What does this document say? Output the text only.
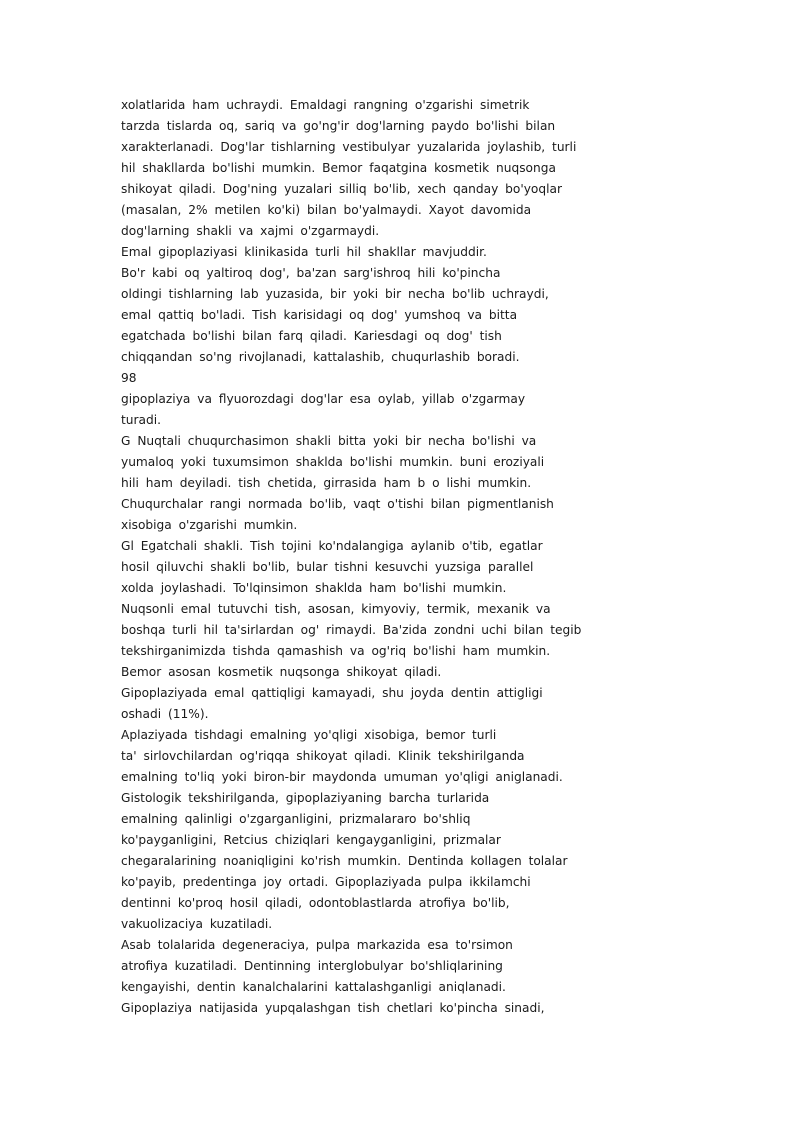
xolatlarida ham uchraydi. Emaldagi rangning o'zgarishi simetrik
tarzda tislarda oq, sariq va go'ng'ir dog'larning paydo bo'lishi bilan
xarakterlanadi. Dog'lar tishlarning vestibulyar yuzalarida joylashib, turli
hil shakllarda bo'lishi mumkin. Bemor faqatgina kosmetik nuqsonga
shikoyat qiladi. Dog'ning yuzalari silliq bo'lib, xech qanday bo'yoqlar
(masalan, 2% metilen ko'ki) bilan bo'yalmaydi. Xayot davomida
dog'larning shakli va xajmi o'zgarmaydi.
Emal gipoplaziyasi klinikasida turli hil shakllar mavjuddir.
Bo'r kabi oq yaltiroq dog', ba'zan sarg'ishroq hili ko'pincha
oldingi tishlarning lab yuzasida, bir yoki bir necha bo'lib uchraydi,
emal qattiq bo'ladi. Tish karisidagi oq dog' yumshoq va bitta
egatchada bo'lishi bilan farq qiladi. Kariesdagi oq dog' tish
chiqqandan so'ng rivojlanadi, kattalashib, chuqurlashib boradi.
98
gipoplaziya va flyuorozdagi dog'lar esa oylab, yillab o'zgarmay
turadi.
G Nuqtali chuqurchasimon shakli bitta yoki bir necha bo'lishi va
yumaloq yoki tuxumsimon shaklda bo'lishi mumkin. buni eroziyali
hili ham deyiladi. tish chetida, girrasida ham b o lishi mumkin.
Chuqurchalar rangi normada bo'lib, vaqt o'tishi bilan pigmentlanish
xisobiga o'zgarishi mumkin.
Gl Egatchali shakli. Tish tojini ko'ndalangiga aylanib o'tib, egatlar
hosil qiluvchi shakli bo'lib, bular tishni kesuvchi yuzsiga parallel
xolda joylashadi. To'lqinsimon shaklda ham bo'lishi mumkin.
Nuqsonli emal tutuvchi tish, asosan, kimyoviy, termik, mexanik va
boshqa turli hil ta'sirlardan og' rimaydi. Ba'zida zondni uchi bilan tegib
tekshirganimizda tishda qamashish va og'riq bo'lishi ham mumkin.
Bemor asosan kosmetik nuqsonga shikoyat qiladi.
Gipoplaziyada emal qattiqligi kamayadi, shu joyda dentin attigligi
oshadi (11%).
Aplaziyada tishdagi emalning yo'qligi xisobiga, bemor turli
ta' sirlovchilardan og'riqqa shikoyat qiladi. Klinik tekshirilganda
emalning to'liq yoki biron-bir maydonda umuman yo'qligi aniglanadi.
Gistologik tekshirilganda, gipoplaziyaning barcha turlarida
emalning qalinligi o'zgarganligini, prizmalararo bo'shliq
ko'payganligini, Retcius chiziqlari kengayganligini, prizmalar
chegaralarining noaniqligini ko'rish mumkin. Dentinda kollagen tolalar
ko'payib, predentinga joy ortadi. Gipoplaziyada pulpa ikkilamchi
dentinni ko'proq hosil qiladi, odontoblastlarda atrofiya bo'lib,
vakuolizaciya kuzatiladi.
Asab tolalarida degeneraciya, pulpa markazida esa to'rsimon
atrofiya kuzatiladi. Dentinning interglobulyar bo'shliqlarining
kengayishi, dentin kanalchalarini kattalashganligi aniqlanadi.
Gipoplaziya natijasida yupqalashgan tish chetlari ko'pincha sinadi,
